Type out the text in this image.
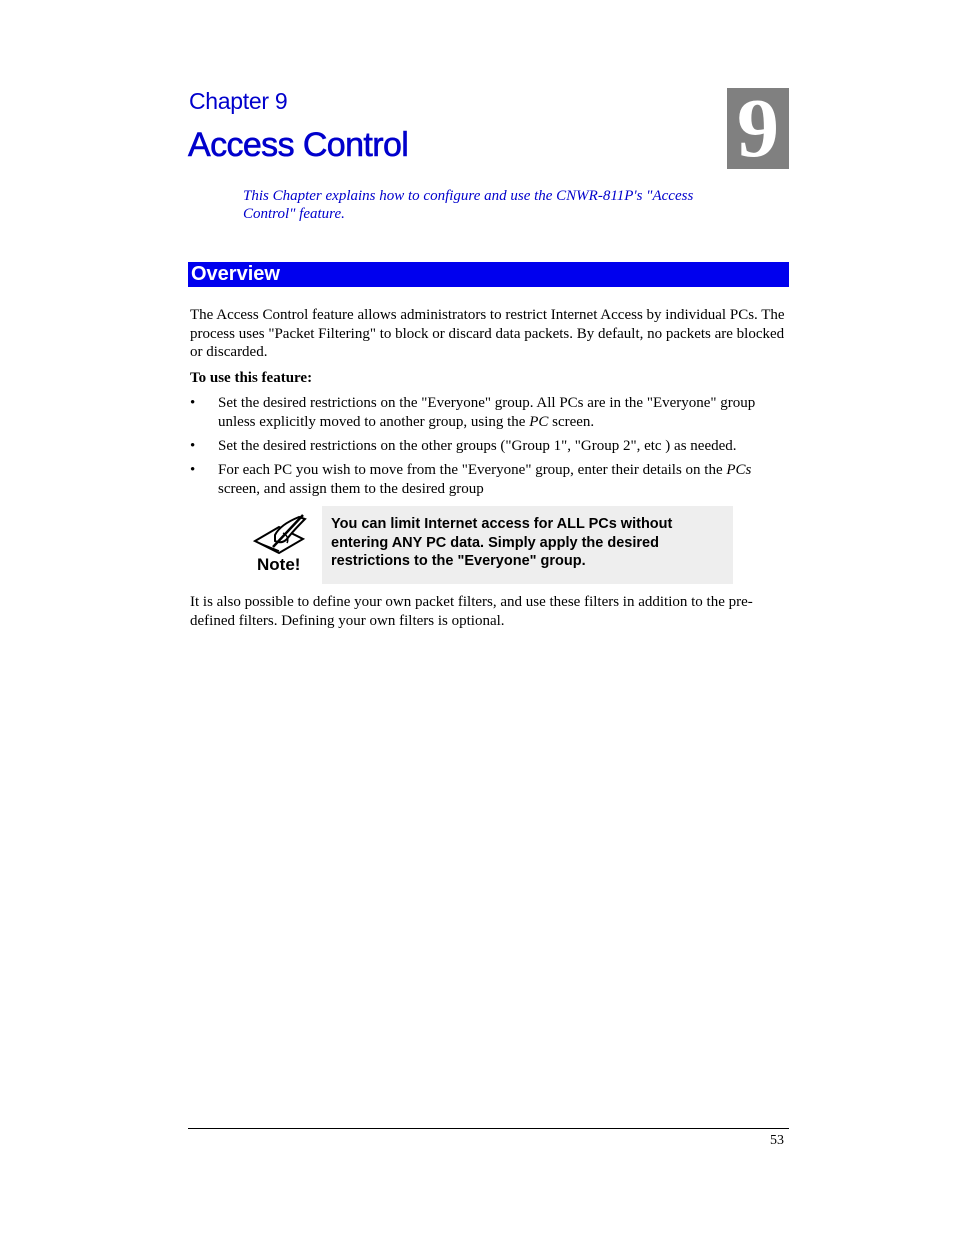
Chapter 9
Access Control	9
This Chapter explains how to configure and use the CNWR-811P's "Access Control" feature.
Overview
The Access Control feature allows administrators to restrict Internet Access by individual PCs. The process uses "Packet Filtering" to block or discard data packets. By default, no packets are blocked or discarded.
To use this feature:
• Set the desired restrictions on the "Everyone" group. All PCs are in the "Everyone" group unless explicitly moved to another group, using the PC screen.
• Set the desired restrictions on the other groups ("Group 1", "Group 2", etc ) as needed.
• For each PC you wish to move from the "Everyone" group, enter their details on the PCs screen, and assign them to the desired group
Note!
You can limit Internet access for ALL PCs without entering ANY PC data. Simply apply the desired restrictions to the "Everyone" group.
It is also possible to define your own packet filters, and use these filters in addition to the pre-defined filters. Defining your own filters is optional.
53
